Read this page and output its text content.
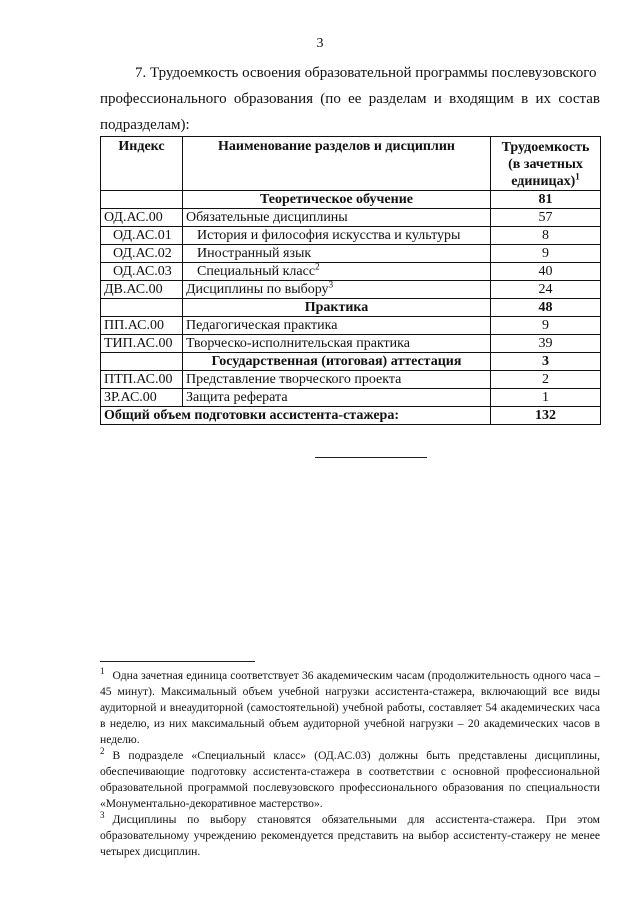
3
7. Трудоемкость освоения образовательной программы послевузовского
профессионального образования (по ее разделам и входящим в их состав подразделам):
Индекс	Наименование разделов и дисциплин	Трудоемкость
(в зачетных
единицах)$^1$
	Теоретическое обучение	81
ОД.АС.00	Обязательные дисциплины	57
ОД.АС.01	История и философия искусства и культуры	8
ОД.АС.02	Иностранный язык	9
ОД.АС.03	Специальный класс$^2$	40
ДВ.АС.00	Дисциплины по выбору$^3$	24
	Практика	48
ПП.АС.00	Педагогическая практика	9
ТИП.АС.00	Творческо-исполнительская практика	39
	Государственная (итоговая) аттестация	3
ПТП.АС.00	Представление творческого проекта	2
ЗР.АС.00	Защита реферата	1
Общий объем подготовки ассистента-стажера:		132

$^1$ Одна зачетная единица соответствует 36 академическим часам (продолжительность одного часа – 45 минут). Максимальный объем учебной нагрузки ассистента-стажера, включающий все виды аудиторной и внеаудиторной (самостоятельной) учебной работы, составляет 54 академических часа в неделю, из них максимальный объем аудиторной учебной нагрузки – 20 академических часов в неделю.

$^2$ В подразделе «Специальный класс» (ОД.АС.03) должны быть представлены дисциплины, обеспечивающие подготовку ассистента-стажера в соответствии с основной профессиональной образовательной программой послевузовского профессионального образования по специальности «Монументально-декоративное мастерство».

$^3$ Дисциплины по выбору становятся обязательными для ассистента-стажера. При этом образовательному учреждению рекомендуется представить на выбор ассистенту-стажеру не менее четырех дисциплин.
